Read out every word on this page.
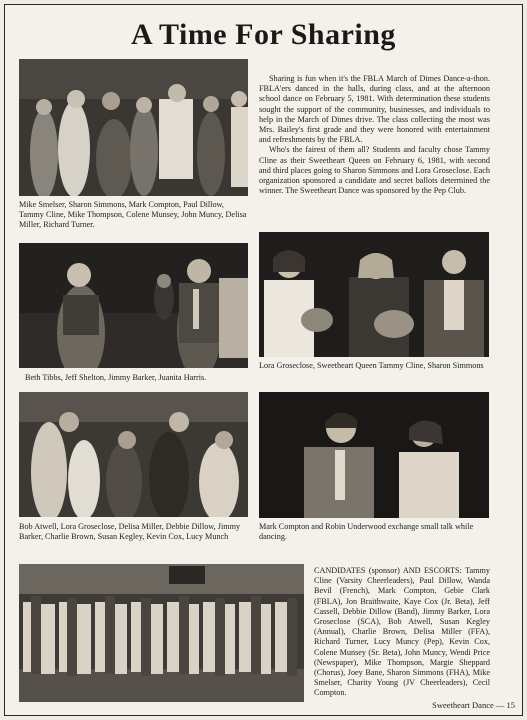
A Time For Sharing
Mike Smelser, Sharon Simmons, Mark Compton, Paul Dillow, Tammy Cline, Mike Thompson, Colene Munsey, John Muncy, Delisa Miller, Richard Turner.

Sharing is fun when it's the FBLA March of Dimes Dance-a-thon. FBLA'ers danced in the halls, during class, and at the afternoon school dance on February 5, 1981. With determination these students sought the support of the community, businesses, and individuals to help in the March of Dimes drive. The class collecting the most was Mrs. Bailey's first grade and they were honored with entertainment and refreshments by the FBLA.

Who's the fairest of them all? Students and faculty chose Tammy Cline as their Sweetheart Queen on February 6, 1981, with second and third places going to Sharon Simmons and Lora Groseclose. Each organization sponsored a candidate and secret ballots determined the winner. The Sweetheart Dance was sponsored by the Pep Club.

Beth Tibbs, Jeff Shelton, Jimmy Barker, Juanita Harris.
Lora Groseclose, Sweetheart Queen Tammy Cline, Sharon Simmons
Bob Atwell, Lora Groseclose, Delisa Miller, Debbie Dillow, Jimmy Barker, Charlie Brown, Susan Kegley, Kevin Cox, Lucy Munch
Mark Compton and Robin Underwood exchange small talk while dancing.
CANDIDATES (sponsor) AND ESCORTS: Tammy Cline (Varsity Cheerleaders), Paul Dillow, Wanda Bevil (French), Mark Compton, Gebie Clark (FBLA), Jon Braithwaite, Kaye Cox (Jr. Beta), Jeff Cassell, Debbie Dillow (Band), Jimmy Barker, Lora Groseclose (SCA), Bob Atwell, Susan Kegley (Annual), Charlie Brown, Delisa Miller (FFA), Richard Turner, Lucy Muncy (Pep), Kevin Cox, Colene Munsey (Sr. Beta), John Muncy, Wendi Price (Newspaper), Mike Thompson, Margie Sheppard (Chorus), Joey Bane, Sharon Simmons (FHA), Mike Smelser, Charity Young (JV Cheerleaders), Cecil Compton.
Sweetheart Dance — 15
